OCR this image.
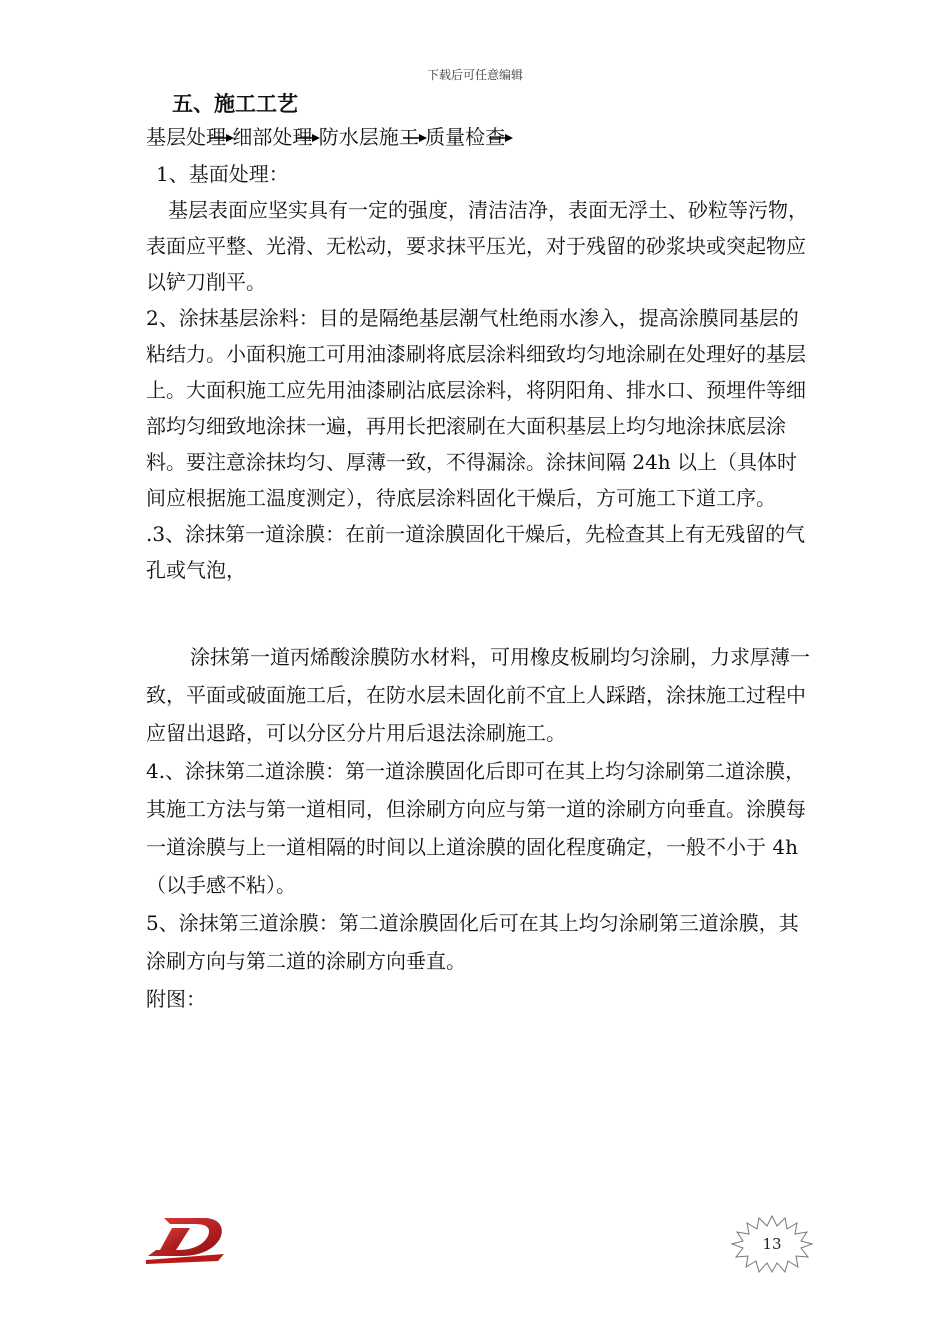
下载后可任意编辑
五、施工工艺
基层处理 细部处理 防水层施工 质量检查

1、基面处理：

基层表面应坚实具有一定的强度，清洁洁净，表面无浮土、砂粒等污物，表面应平整、光滑、无松动，要求抹平压光，对于残留的砂浆块或突起物应以铲刀削平。

2、涂抹基层涂料：目的是隔绝基层潮气杜绝雨水渗入，提高涂膜同基层的粘结力。小面积施工可用油漆刷将底层涂料细致均匀地涂刷在处理好的基层上。大面积施工应先用油漆刷沾底层涂料，将阴阳角、排水口、预埋件等细部均匀细致地涂抹一遍，再用长把滚刷在大面积基层上均匀地涂抹底层涂料。要注意涂抹均匀、厚薄一致，不得漏涂。涂抹间隔 24h 以上（具体时间应根据施工温度测定），待底层涂料固化干燥后，方可施工下道工序。

.3、涂抹第一道涂膜：在前一道涂膜固化干燥后，先检查其上有无残留的气孔或气泡，

涂抹第一道丙烯酸涂膜防水材料，可用橡皮板刷均匀涂刷，力求厚薄一致，平面或破面施工后，在防水层未固化前不宜上人踩踏，涂抹施工过程中应留出退路，可以分区分片用后退法涂刷施工。

4.、涂抹第二道涂膜：第一道涂膜固化后即可在其上均匀涂刷第二道涂膜，其施工方法与第一道相同，但涂刷方向应与第一道的涂刷方向垂直。涂膜每一道涂膜与上一道相隔的时间以上道涂膜的固化程度确定，一般不小于 4h（以手感不粘）。

5、涂抹第三道涂膜：第二道涂膜固化后可在其上均匀涂刷第三道涂膜，其涂刷方向与第二道的涂刷方向垂直。

附图：

13
